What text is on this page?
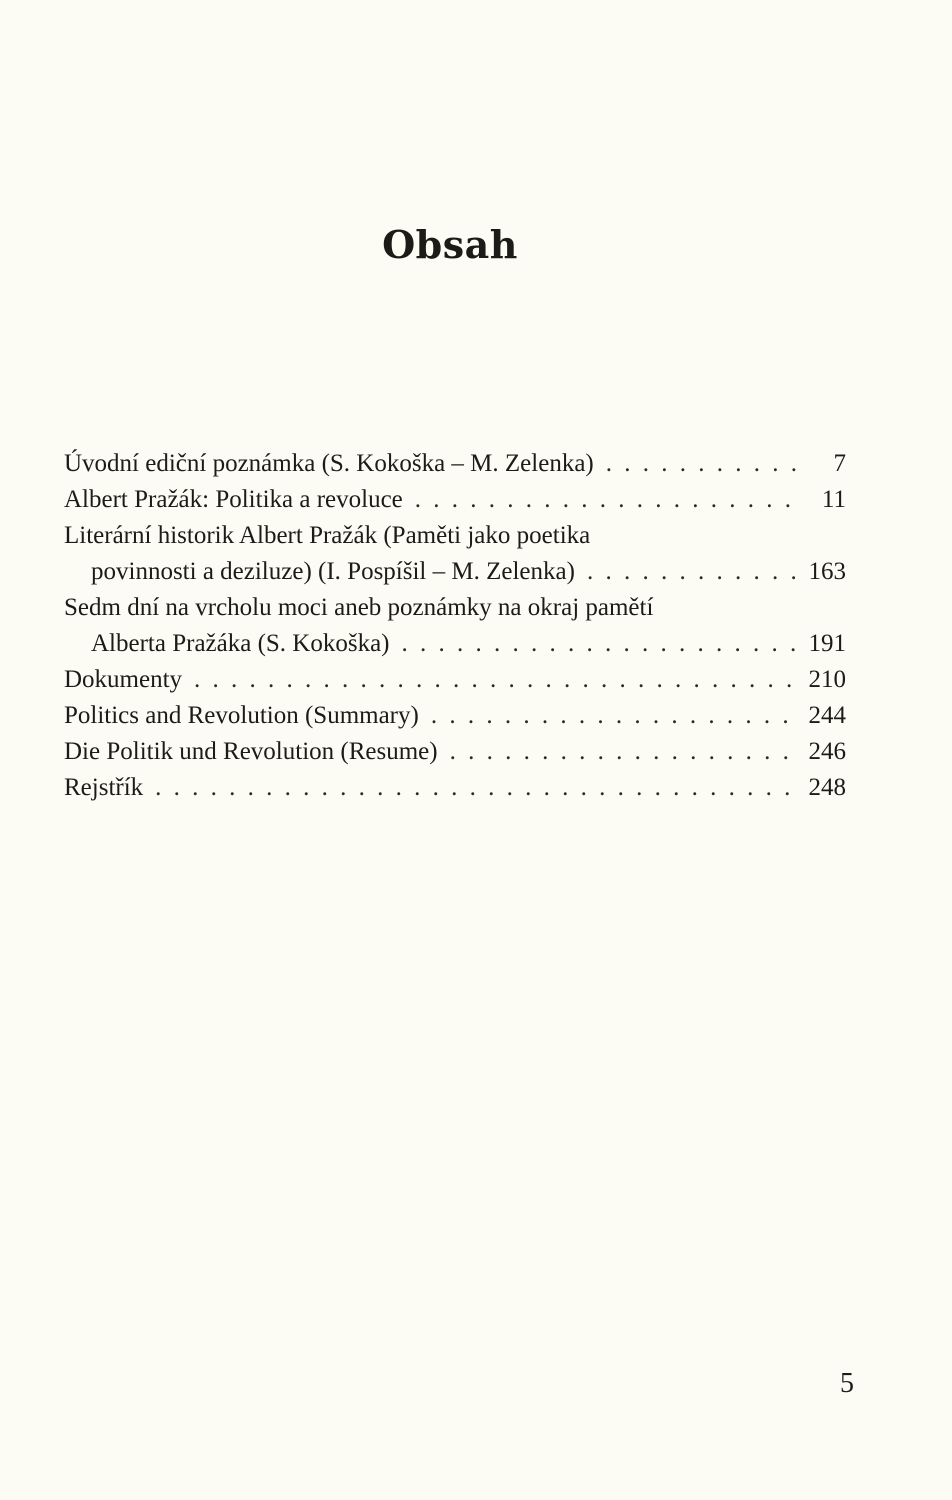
Obsah
Úvodní ediční poznámka (S. Kokoška – M. Zelenka) . . .	7
Albert Pražák: Politika a revoluce . . .	11
Literární historik Albert Pražák (Paměti jako poetika
povinnosti a deziluze) (I. Pospíšil – M. Zelenka) . . .	163
Sedm dní na vrcholu moci aneb poznámky na okraj pamětí
Alberta Pražáka (S. Kokoška) . . .	191
Dokumenty . . .	210
Politics and Revolution (Summary) . . .	244
Die Politik und Revolution (Resume) . . .	246
Rejstřík . . .	248
5
